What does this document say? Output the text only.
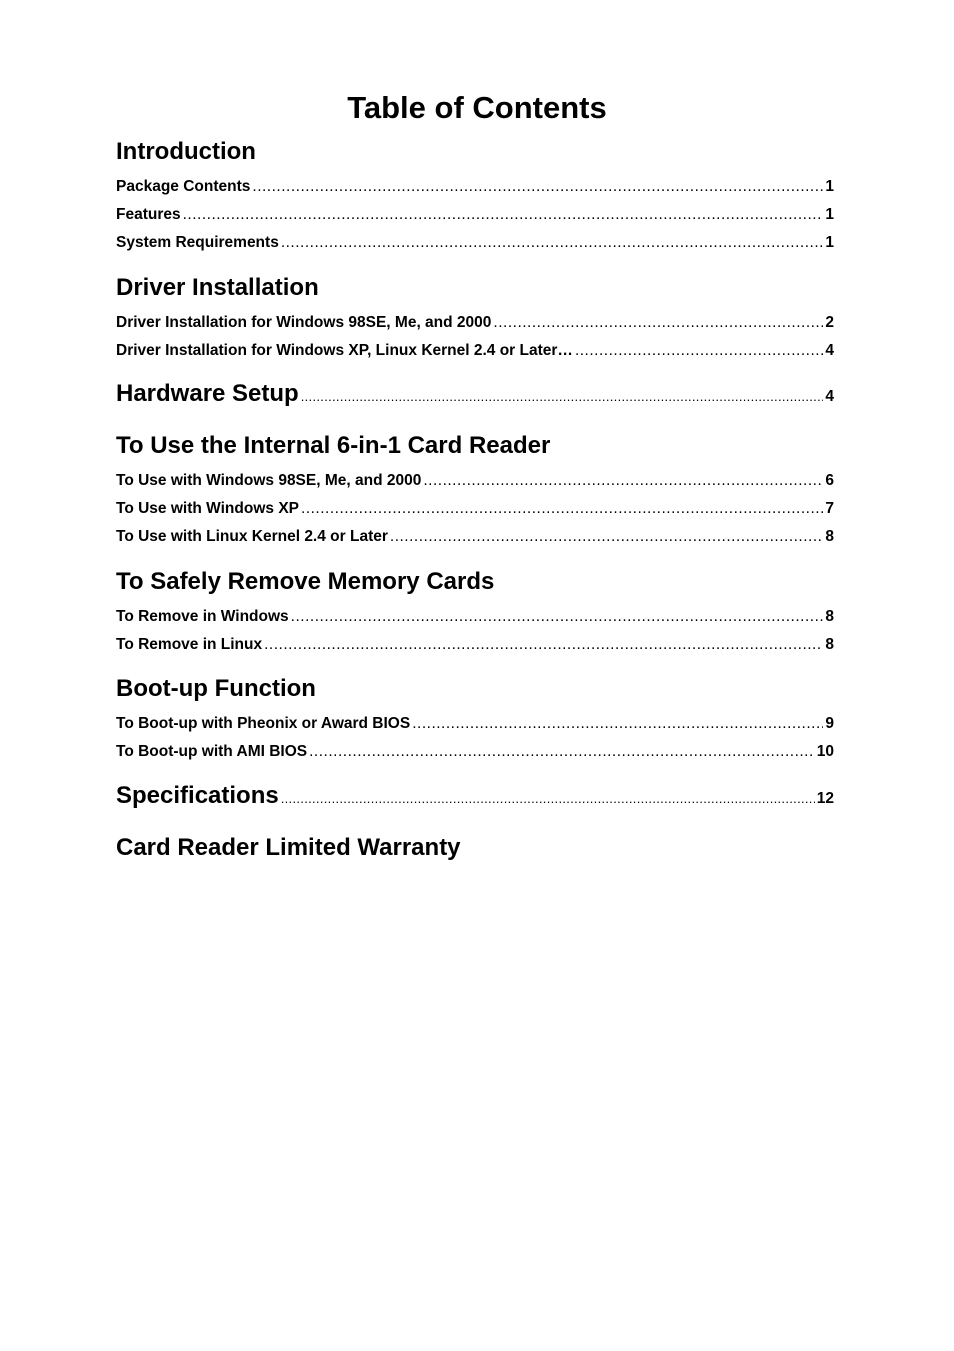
Table of Contents
Introduction
Package Contents .....	1
Features .....	1
System Requirements .....	1
Driver Installation
Driver Installation for Windows 98SE, Me, and 2000 .....	2
Driver Installation for Windows XP, Linux Kernel 2.4 or Later… .....	4
Hardware Setup .....	4
To Use the Internal 6-in-1 Card Reader
To Use with Windows 98SE, Me, and 2000 .....	6
To Use with Windows XP .....	7
To Use with Linux Kernel 2.4 or Later .....	8
To Safely Remove Memory Cards
To Remove in Windows .....	8
To Remove in Linux .....	8
Boot-up Function
To Boot-up with Pheonix or Award BIOS .....	9
To Boot-up with AMI BIOS .....	10
Specifications .....	12
Card Reader Limited Warranty
